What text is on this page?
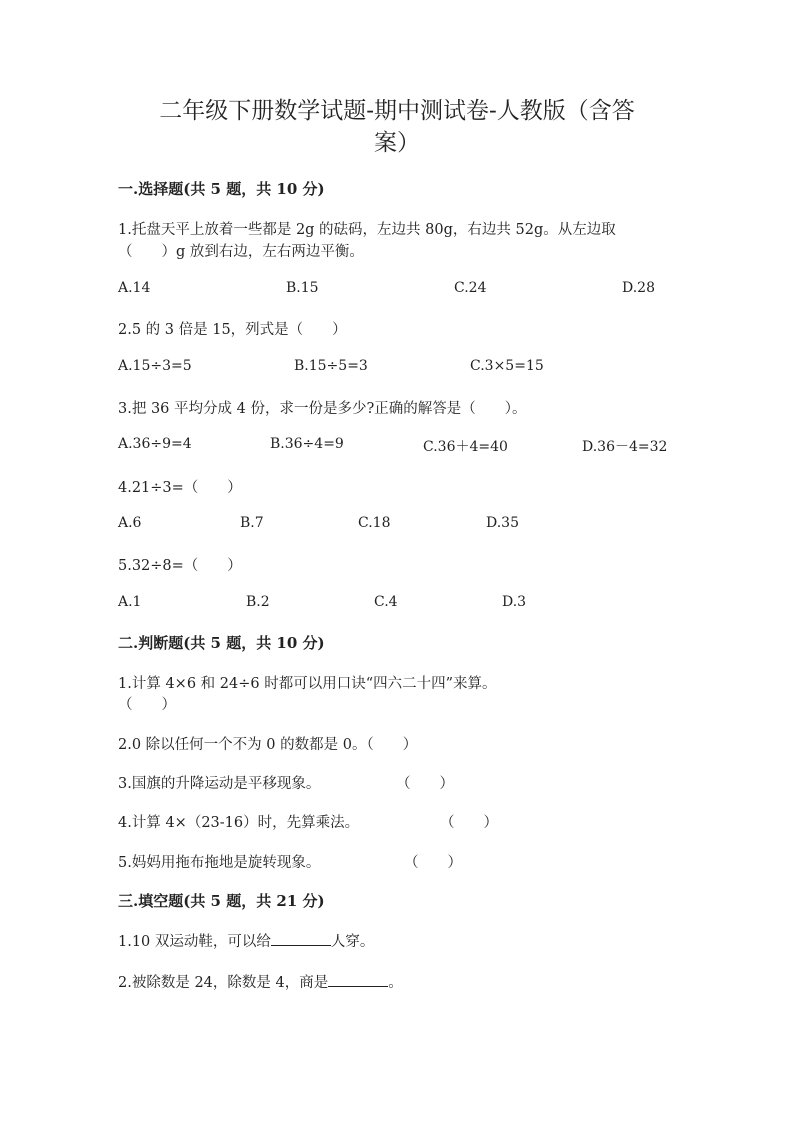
二年级下册数学试题-期中测试卷-人教版（含答
案）
一.选择题(共 5 题，共 10 分)
1.托盘天平上放着一些都是 2g 的砝码，左边共 80g，右边共 52g。从左边取
（　　）g 放到右边，左右两边平衡。
A.14	B.15	C.24	D.28
2.5 的 3 倍是 15，列式是（　　）
A.15÷3=5	B.15÷5=3	C.3×5=15
3.把 36 平均分成 4 份，求一份是多少?正确的解答是（　　）。
A.36÷9=4	B.36÷4=9	C.36＋4=40	D.36－4=32
4.21÷3=（　　）
A.6	B.7	C.18	D.35
5.32÷8=（　　）
A.1	B.2	C.4	D.3
二.判断题(共 5 题，共 10 分)
1.计算 4×6 和 24÷6 时都可以用口诀“四六二十四”来算。
（　　）
2.0 除以任何一个不为 0 的数都是 0。（　　）
3.国旗的升降运动是平移现象。	（　　）
4.计算 4×（23-16）时，先算乘法。	（　　）
5.妈妈用拖布拖地是旋转现象。	（　　）
三.填空题(共 5 题，共 21 分)
1.10 双运动鞋，可以给	人穿。
2.被除数是 24，除数是 4，商是	。
